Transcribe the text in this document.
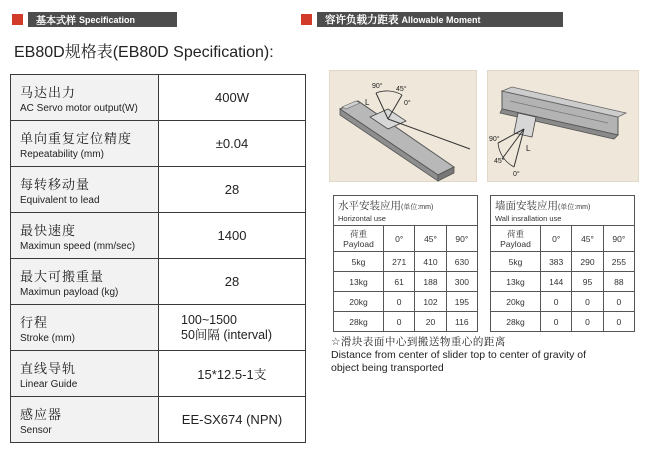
基本式样 Specification	容许负载力距表 Allowable Moment
EB80D规格表(EB80D Specification):
马达出力
AC Servo motor output(W)	400W

单向重复定位精度
Repeatability (mm)	±0.04

每转移动量
Equivalent to lead	28

最快速度
Maximun speed (mm/sec)	1400

最大可搬重量
Maximun payload (kg)	28

行程
Stroke (mm)	100~1500
50间隔 (interval)

直线导轨
Linear Guide	15*12.5-1支

感应器
Sensor	EE-SX674 (NPN)
90° 45°
0°
L
90°
45°
0°
L
水平安装应用(单位:mm)
Horizontal use			

荷重
Payload	0°	45°	90°
5kg	271	410	630
13kg	61	188	300
20kg	0	102	195
28kg	0	20	116
墙面安装应用(单位:mm)
Wall insrallation use			

荷重
Payload	0°	45°	90°
5kg	383	290	255
13kg	144	95	88
20kg	0	0	0
28kg	0	0	0
☆滑块表面中心到搬送物重心的距离
Distance from center of slider top to center of gravity of
object being transported
